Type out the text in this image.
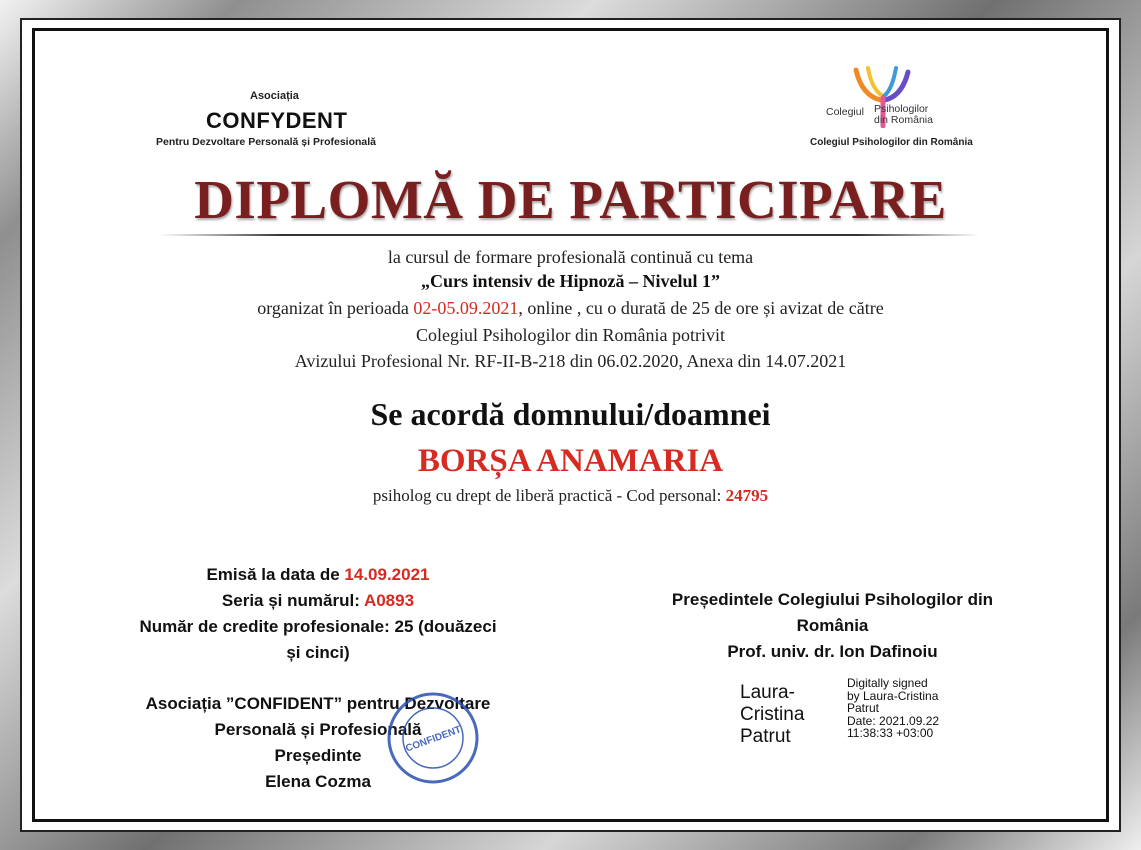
Asociația
CONFYDENT
Pentru Dezvoltare Personală și Profesională
Colegiul Psihologilor
din România
Colegiul Psihologilor din România
DIPLOMĂ DE PARTICIPARE
la cursul de formare profesională continuă cu tema
„Curs intensiv de Hipnoză – Nivelul 1”
organizat în perioada 02-05.09.2021, online , cu o durată de 25 de ore și avizat de către
Colegiul Psihologilor din România potrivit
Avizului Profesional Nr. RF-II-B-218 din 06.02.2020, Anexa din 14.07.2021
Se acordă domnului/doamnei
BORȘA ANAMARIA
psiholog cu drept de liberă practică - Cod personal: 24795
Emisă la data de 14.09.2021
Seria și numărul: A0893
Număr de credite profesionale: 25 (douăzeci
și cinci)
Asociația ”CONFIDENT” pentru Dezvoltare
Personală și Profesională
Președinte
Elena Cozma
CONFIDENT
Președintele Colegiului Psihologilor din
România
Prof. univ. dr. Ion Dafinoiu
Laura-
Cristina
Patrut
Digitally signed
by Laura-Cristina
Patrut
Date: 2021.09.22
11:38:33 +03:00
